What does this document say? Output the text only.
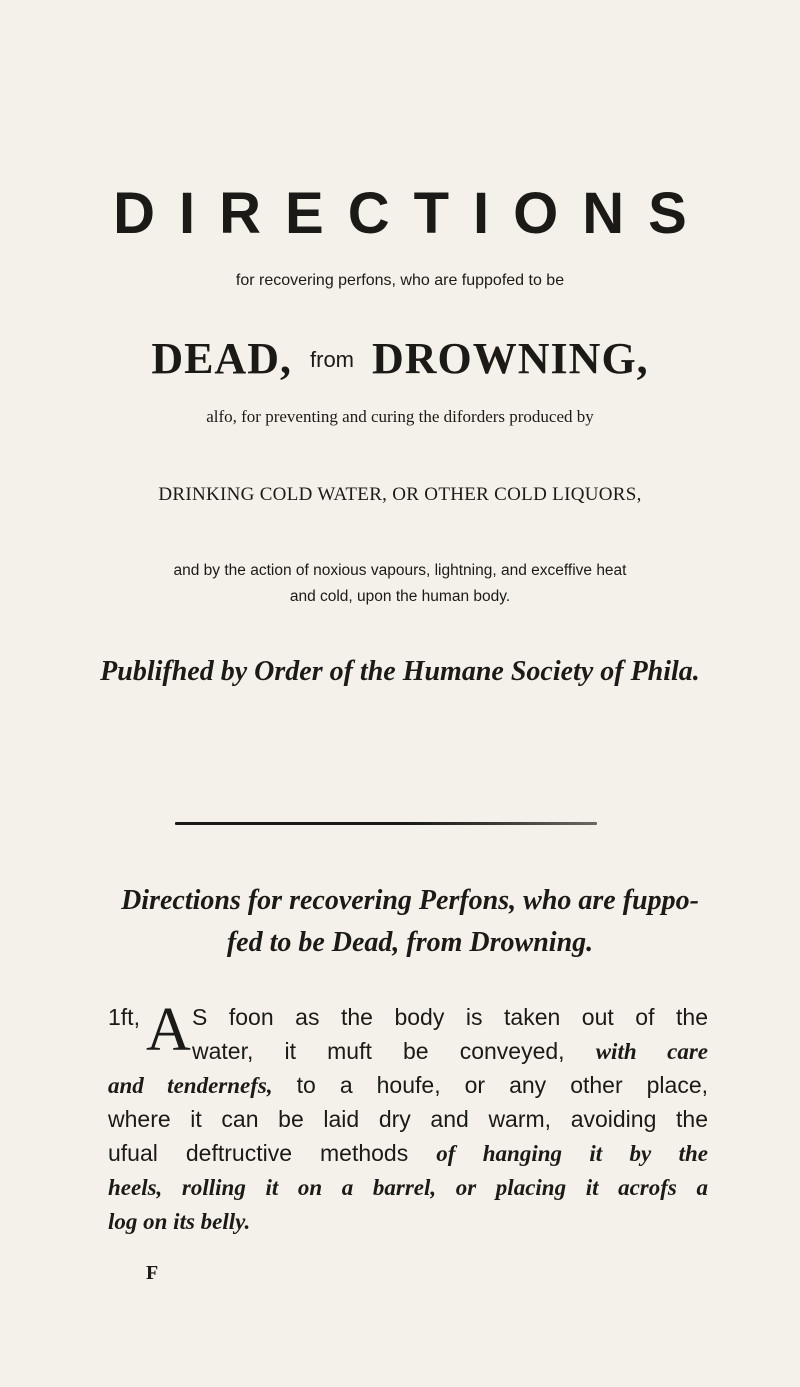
DIRECTIONS
for recovering perfons, who are fuppofed to be
DEAD, from DROWNING,
alfo, for preventing and curing the diforders produced by
DRINKING COLD WATER, OR OTHER COLD LIQUORS,
and by the action of noxious vapours, lightning, and exceffive heat
and cold, upon the human body.
Publifhed by Order of the Humane Society of Phila.
Directions for recovering Perfons, who are fuppo-
fed to be Dead, from Drowning.
1ft, A S foon as the body is taken out of the
water, it muft be conveyed, with care
and tendernefs, to a houfe, or any other place,
where it can be laid dry and warm, avoiding the
ufual deftructive methods of hanging it by the
heels, rolling it on a barrel, or placing it acrofs a
log on its belly.
F
